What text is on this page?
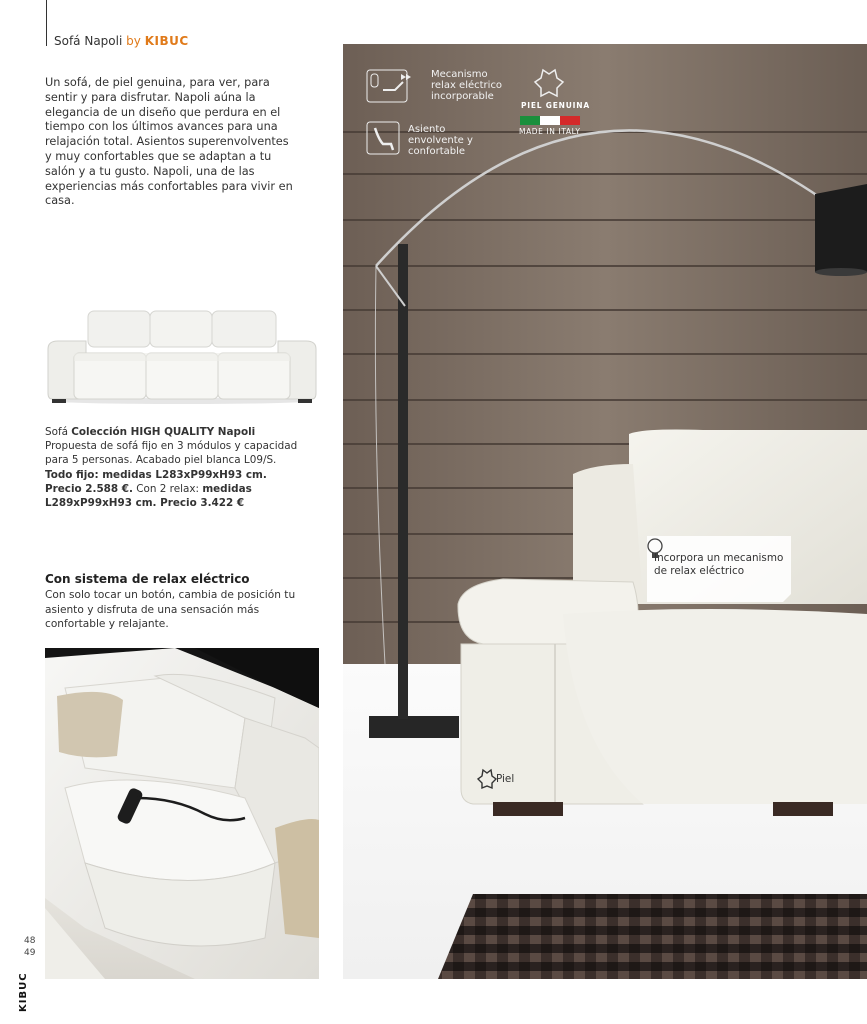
Sofá Napoli by KIBUC
Un sofá, de piel genuina, para ver, para sentir y para disfrutar. Napoli aúna la elegancia de un diseño que perdura en el tiempo con los últimos avances para una relajación total. Asientos superenvolventes y muy confortables que se adaptan a tu salón y a tu gusto. Napoli, una de las experiencias más confortables para vivir en casa.
Sofá Colección HIGH QUALITY Napoli Propuesta de sofá fijo en 3 módulos y capacidad para 5 personas. Acabado piel blanca L09/S. Todo fijo: medidas L283xP99xH93 cm. Precio 2.588 €. Con 2 relax: medidas L289xP99xH93 cm. Precio 3.422 €
Con sistema de relax eléctrico
Con solo tocar un botón, cambia de posición tu asiento y disfruta de una sensación más confortable y relajante.
48
49
KIBUC
Mecanismo
relax eléctrico
incorporable
Asiento
envolvente y
confortable
PIEL GENUINA
MADE IN ITALY
Incorpora un mecanismo
de relax eléctrico
Piel
